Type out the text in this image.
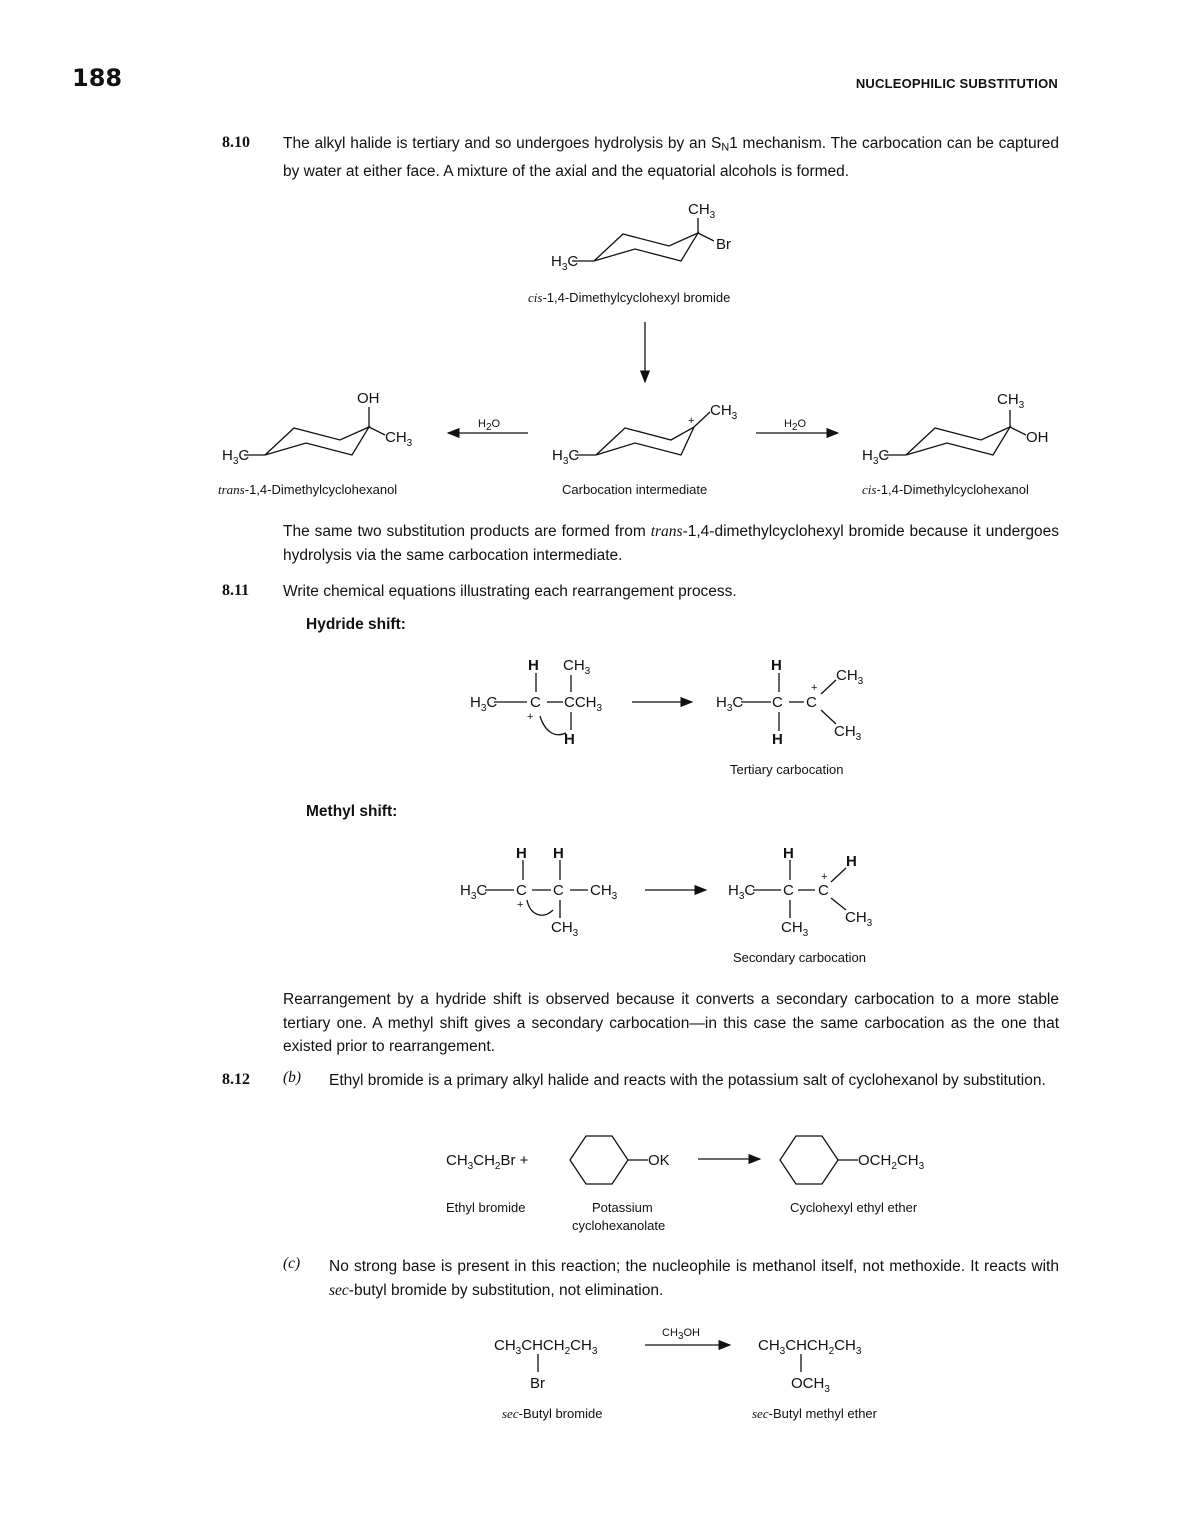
188	NUCLEOPHILIC SUBSTITUTION
8.10 The alkyl halide is tertiary and so undergoes hydrolysis by an $S_N1$ mechanism. The carbocation can be captured by water at either face. A mixture of the axial and the equatorial alcohols is formed.
cis-1,4-Dimethylcyclohexyl bromide
trans-1,4-Dimethylcyclohexanol	Carbocation intermediate	cis-1,4-Dimethylcyclohexanol
The same two substitution products are formed from trans-1,4-dimethylcyclohexyl bromide because it undergoes hydrolysis via the same carbocation intermediate.
8.11 Write chemical equations illustrating each rearrangement process.
Hydride shift:
Tertiary carbocation
Methyl shift:
Secondary carbocation
Rearrangement by a hydride shift is observed because it converts a secondary carbocation to a more stable tertiary one. A methyl shift gives a secondary carbocation—in this case the same carbocation as the one that existed prior to rearrangement.
8.12 (b) Ethyl bromide is a primary alkyl halide and reacts with the potassium salt of cyclohexanol by substitution.
Ethyl bromide	Potassium
cyclohexanolate
Cyclohexyl ethyl ether
(c) No strong base is present in this reaction; the nucleophile is methanol itself, not methoxide. It reacts with sec-butyl bromide by substitution, not elimination.
sec-Butyl bromide	sec-Butyl methyl ether
$CH_3$
Br
$H_3C$
OH
$CH_3$
$H_3C$
$CH_3$
+
$H_3C$
$CH_3$
OH
$H_3C$
H2O	H2O
H $CH_3$
$H_3C$ C $CCH_3$
+
H
H
$H_3C$ C C
+
$CH_3$
H	$CH_3$
H H
$H_3C$ C C $CH_3$
+
$CH_3$
H	H
$H_3C$ C C
+
$CH_3$
$CH_3$
$CH_3CH_2Br$ +	OK	$OCH_2CH_3$
$CH_3CHCH_2CH_3$
Br
CH3OH
$CH_3CHCH_2CH_3$
$OCH_3$
